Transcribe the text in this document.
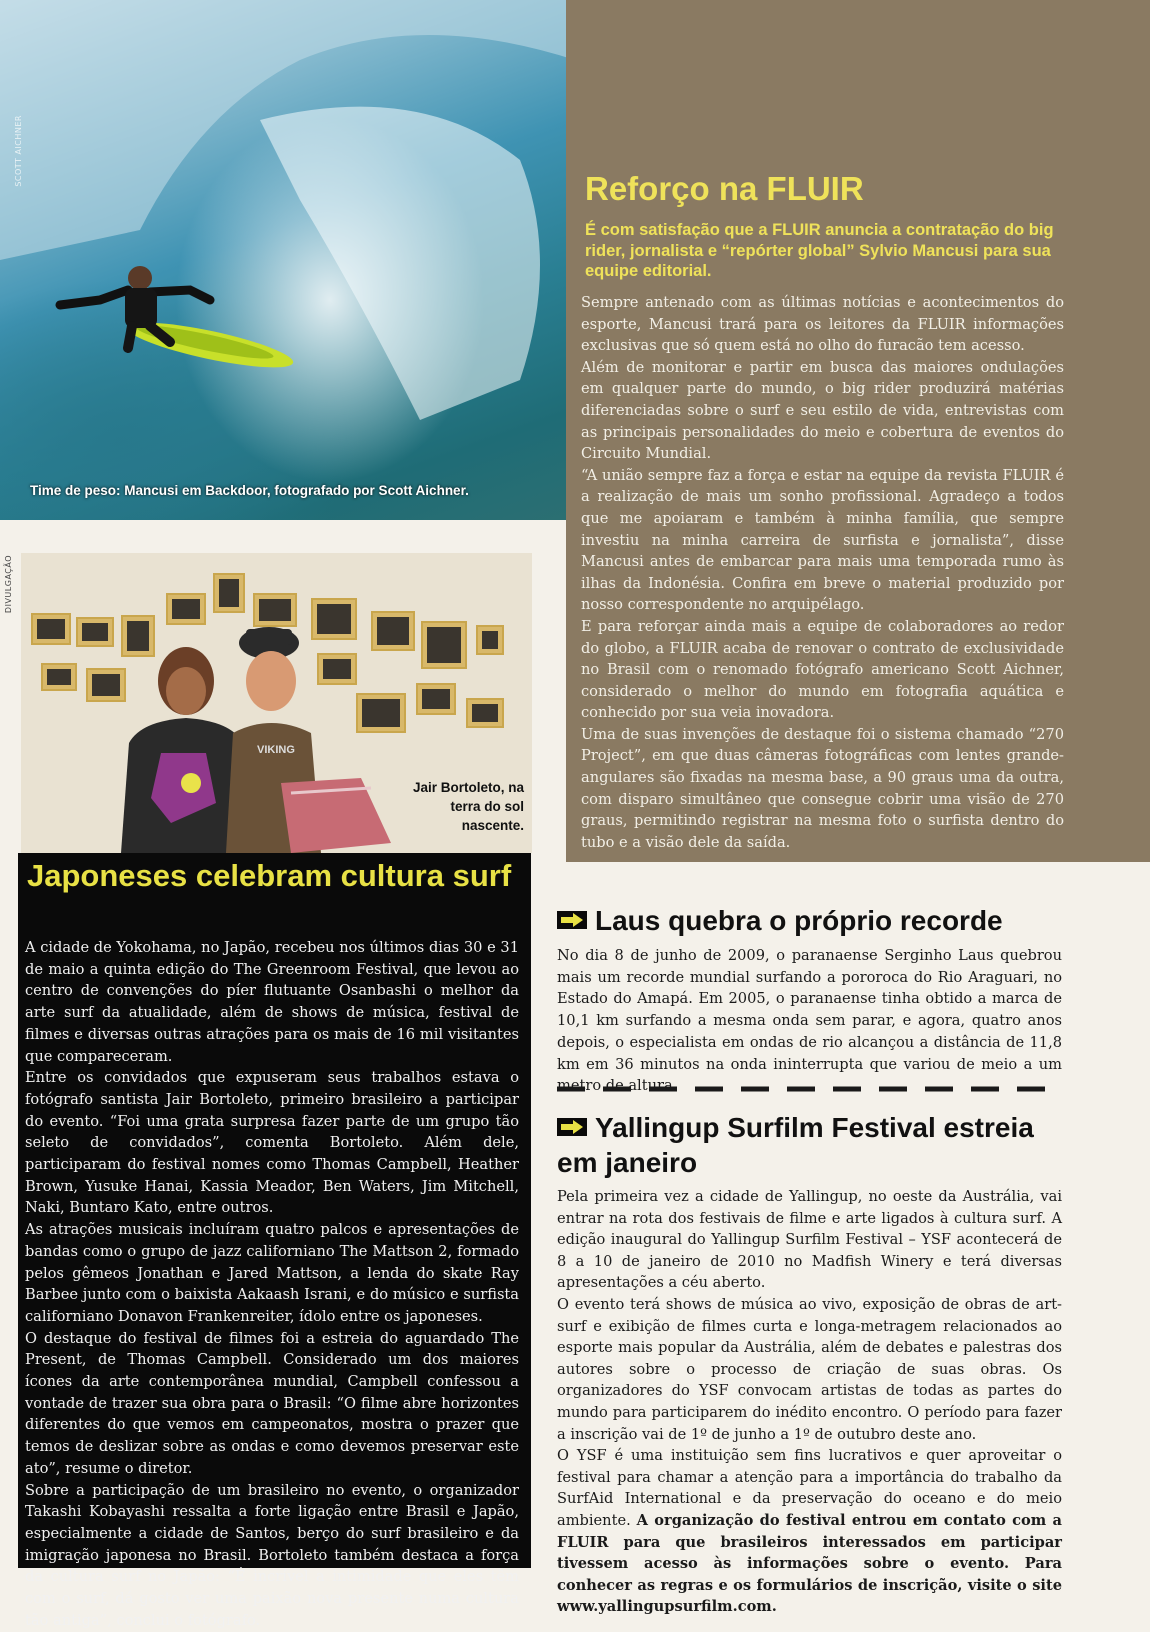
SCOTT AICHNER
Time de peso: Mancusi em Backdoor, fotografado por Scott Aichner.
Reforço na FLUIR

É com satisfação que a FLUIR anuncia a contratação do big rider, jornalista e “repórter global” Sylvio Mancusi para sua equipe editorial.

Sempre antenado com as últimas notícias e acontecimentos do esporte, Mancusi trará para os leitores da FLUIR informações exclusivas que só quem está no olho do furacão tem acesso.

Além de monitorar e partir em busca das maiores ondulações em qualquer parte do mundo, o big rider produzirá matérias diferenciadas sobre o surf e seu estilo de vida, entrevistas com as principais personalidades do meio e cobertura de eventos do Circuito Mundial.

“A união sempre faz a força e estar na equipe da revista FLUIR é a realização de mais um sonho profissional. Agradeço a todos que me apoiaram e também à minha família, que sempre investiu na minha carreira de surfista e jornalista”, disse Mancusi antes de embarcar para mais uma temporada rumo às ilhas da Indonésia. Confira em breve o material produzido por nosso correspondente no arquipélago.

E para reforçar ainda mais a equipe de colaboradores ao redor do globo, a FLUIR acaba de renovar o contrato de exclusividade no Brasil com o renomado fotógrafo americano Scott Aichner, considerado o melhor do mundo em fotografia aquática e conhecido por sua veia inovadora.

Uma de suas invenções de destaque foi o sistema chamado “270 Project”, em que duas câmeras fotográficas com lentes grande-angulares são fixadas na mesma base, a 90 graus uma da outra, com disparo simultâneo que consegue cobrir uma visão de 270 graus, permitindo registrar na mesma foto o surfista dentro do tubo e a visão dele da saída.

DIVULGAÇÃO
VIKING
Jair Bortoleto, na terra do sol nascente.
Japoneses celebram cultura surf

A cidade de Yokohama, no Japão, recebeu nos últimos dias 30 e 31 de maio a quinta edição do The Greenroom Festival, que levou ao centro de convenções do píer flutuante Osanbashi o melhor da arte surf da atualidade, além de shows de música, festival de filmes e diversas outras atrações para os mais de 16 mil visitantes que compareceram.

Entre os convidados que expuseram seus trabalhos estava o fotógrafo santista Jair Bortoleto, primeiro brasileiro a participar do evento. “Foi uma grata surpresa fazer parte de um grupo tão seleto de convidados”, comenta Bortoleto. Além dele, participaram do festival nomes como Thomas Campbell, Heather Brown, Yusuke Hanai, Kassia Meador, Ben Waters, Jim Mitchell, Naki, Buntaro Kato, entre outros.

As atrações musicais incluíram quatro palcos e apresentações de bandas como o grupo de jazz californiano The Mattson 2, formado pelos gêmeos Jonathan e Jared Mattson, a lenda do skate Ray Barbee junto com o baixista Aakaash Israni, e do músico e surfista californiano Donavon Frankenreiter, ídolo entre os japoneses.

O destaque do festival de filmes foi a estreia do aguardado The Present, de Thomas Campbell. Considerado um dos maiores ícones da arte contemporânea mundial, Campbell confessou a vontade de trazer sua obra para o Brasil: “O filme abre horizontes diferentes do que vemos em campeonatos, mostra o prazer que temos de deslizar sobre as ondas e como devemos preservar este ato”, resume o diretor.

Sobre a participação de um brasileiro no evento, o organizador Takashi Kobayashi ressalta a forte ligação entre Brasil e Japão, especialmente a cidade de Santos, berço do surf brasileiro e da imigração japonesa no Brasil. Bortoleto também destaca a força da cultura surf no Japão: “É incrível a intimidade que eles têm com o surf, dá gosto ver uma paixão nova presente numa cultura tão antiga”, conclui o fotógrafo.

Laus quebra o próprio recorde

No dia 8 de junho de 2009, o paranaense Serginho Laus quebrou mais um recorde mundial surfando a pororoca do Rio Araguari, no Estado do Amapá. Em 2005, o paranaense tinha obtido a marca de 10,1 km surfando a mesma onda sem parar, e agora, quatro anos depois, o especialista em ondas de rio alcançou a distância de 11,8 km em 36 minutos na onda ininterrupta que variou de meio a um metro de altura.

Yallingup Surfilm Festival estreia em janeiro

Pela primeira vez a cidade de Yallingup, no oeste da Austrália, vai entrar na rota dos festivais de filme e arte ligados à cultura surf. A edição inaugural do Yallingup Surfilm Festival – YSF acontecerá de 8 a 10 de janeiro de 2010 no Madfish Winery e terá diversas apresentações a céu aberto.

O evento terá shows de música ao vivo, exposição de obras de art-surf e exibição de filmes curta e longa-metragem relacionados ao esporte mais popular da Austrália, além de debates e palestras dos autores sobre o processo de criação de suas obras. Os organizadores do YSF convocam artistas de todas as partes do mundo para participarem do inédito encontro. O período para fazer a inscrição vai de 1º de junho a 1º de outubro deste ano.

O YSF é uma instituição sem fins lucrativos e quer aproveitar o festival para chamar a atenção para a importância do trabalho da SurfAid International e da preservação do oceano e do meio ambiente. A organização do festival entrou em contato com a FLUIR para que brasileiros interessados em participar tivessem acesso às informações sobre o evento. Para conhecer as regras e os formulários de inscrição, visite o site www.yallingupsurfilm.com.
